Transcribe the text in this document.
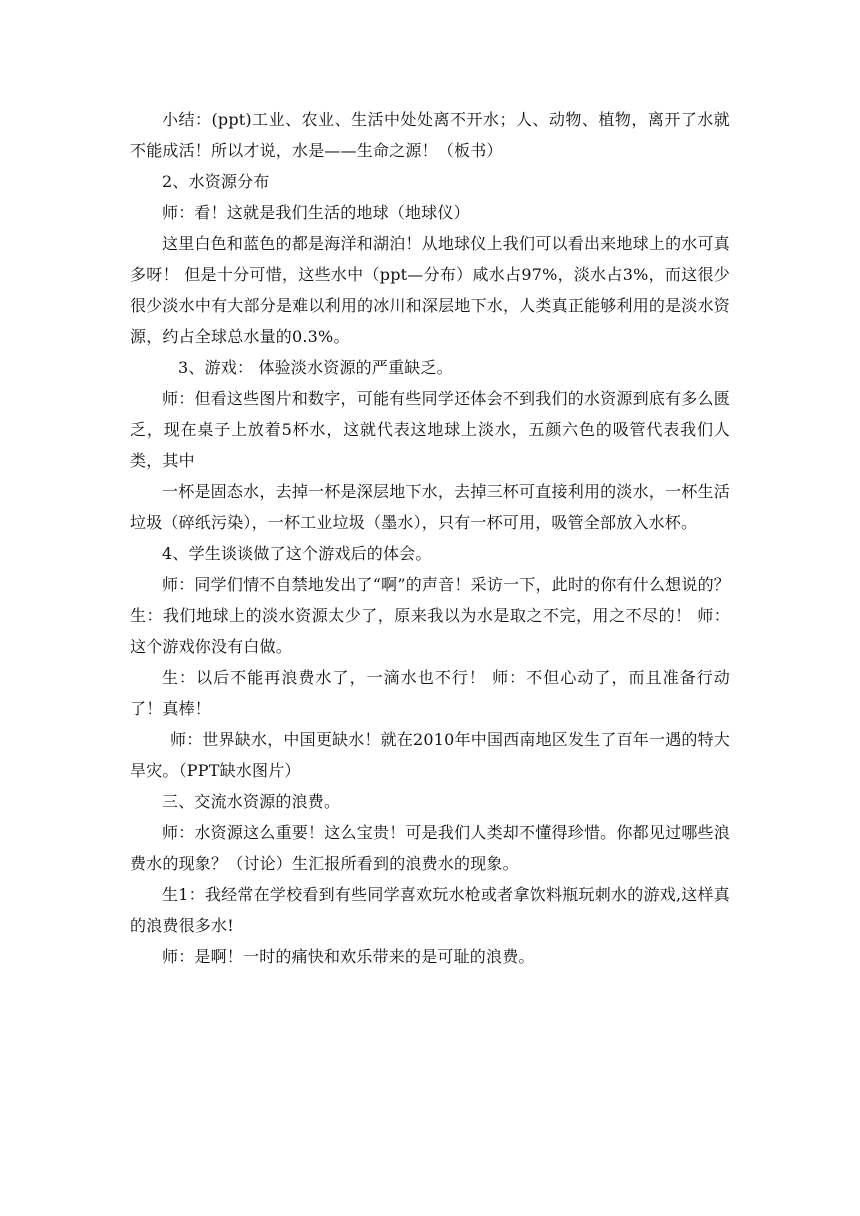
小结：(ppt)工业、农业、生活中处处离不开水；人、动物、植物，离开了水就不能成活！所以才说，水是——生命之源！（板书）

2、水资源分布

师：看！这就是我们生活的地球（地球仪）

这里白色和蓝色的都是海洋和湖泊！从地球仪上我们可以看出来地球上的水可真多呀！ 但是十分可惜，这些水中（ppt—分布）咸水占97%，淡水占3%，而这很少很少淡水中有大部分是难以利用的冰川和深层地下水，人类真正能够利用的是淡水资源，约占全球总水量的0.3%。

3、游戏： 体验淡水资源的严重缺乏。

师：但看这些图片和数字，可能有些同学还体会不到我们的水资源到底有多么匮乏，现在桌子上放着5杯水，这就代表这地球上淡水，五颜六色的吸管代表我们人类，其中

一杯是固态水，去掉一杯是深层地下水，去掉三杯可直接利用的淡水，一杯生活垃圾（碎纸污染），一杯工业垃圾（墨水），只有一杯可用，吸管全部放入水杯。

4、学生谈谈做了这个游戏后的体会。

师：同学们情不自禁地发出了“啊”的声音！采访一下，此时的你有什么想说的？ 生：我们地球上的淡水资源太少了，原来我以为水是取之不完，用之不尽的！ 师：这个游戏你没有白做。

生：以后不能再浪费水了，一滴水也不行！ 师：不但心动了，而且准备行动了！真棒！

师：世界缺水，中国更缺水！就在2010年中国西南地区发生了百年一遇的特大旱灾。（PPT缺水图片）

三、交流水资源的浪费。

师：水资源这么重要！这么宝贵！可是我们人类却不懂得珍惜。你都见过哪些浪费水的现象？（讨论）生汇报所看到的浪费水的现象。

生1：我经常在学校看到有些同学喜欢玩水枪或者拿饮料瓶玩刺水的游戏,这样真的浪费很多水!

师：是啊！一时的痛快和欢乐带来的是可耻的浪费。
